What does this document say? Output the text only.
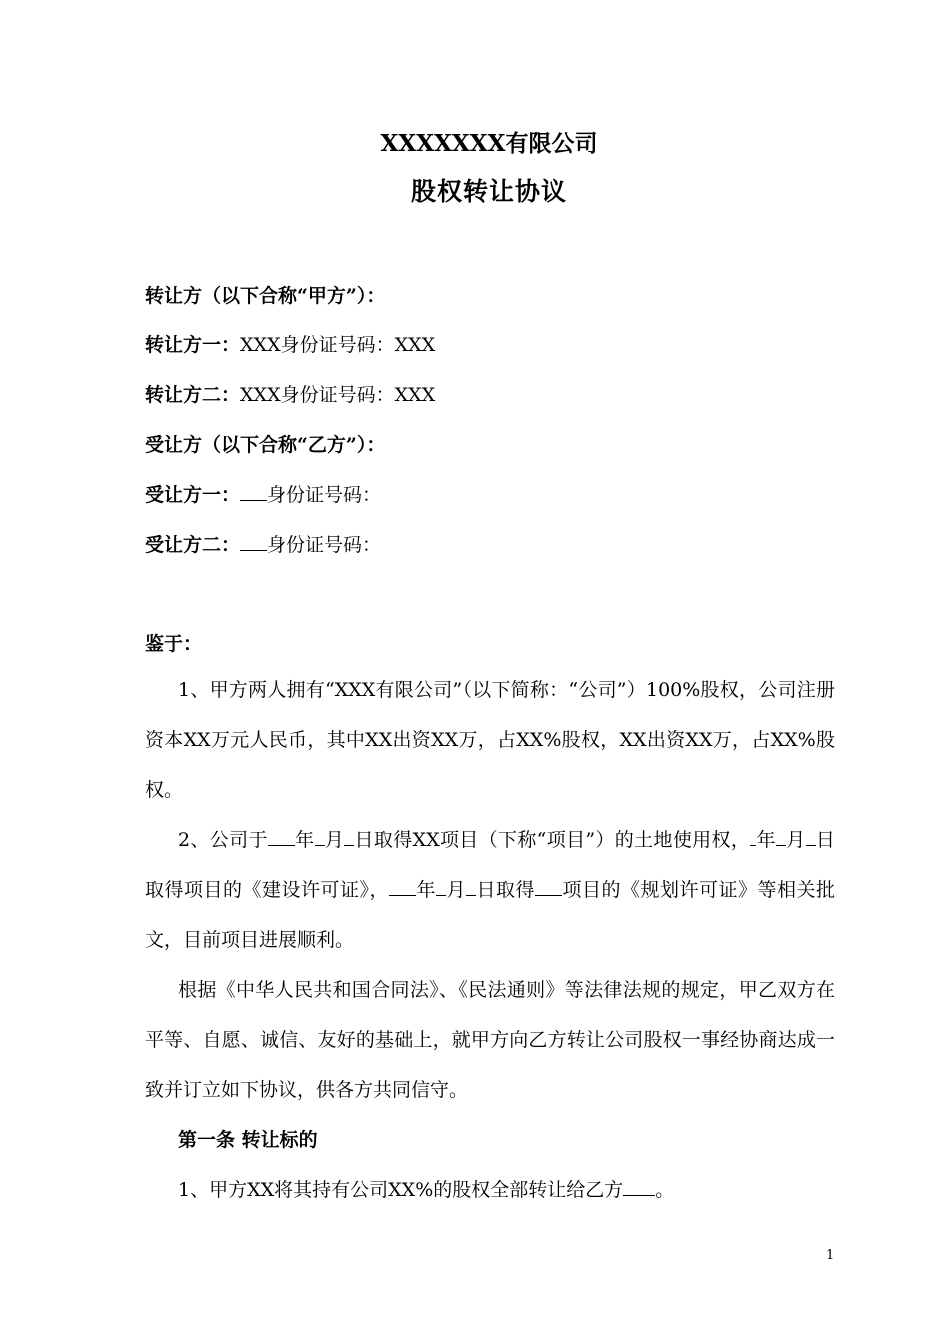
XXXXXXX有限公司
股权转让协议
转让方（以下合称“甲方”）：
转让方一：XXX身份证号码：XXX
转让方二：XXX身份证号码：XXX
受让方（以下合称“乙方”）：
受让方一： 身份证号码：
受让方二： 身份证号码：
鉴于：

1、甲方两人拥有“XXX有限公司”（以下简称：“公司”）100%股权，公司注册资本XX万元人民币，其中XX出资XX万，占XX%股权，XX出资XX万，占XX%股权。

2、公司于 年 月 日取得XX项目（下称“项目”）的土地使用权， 年 月 日取得项目的《建设许可证》， 年 月 日取得 项目的《规划许可证》等相关批文，目前项目进展顺利。

根据《中华人民共和国合同法》、《民法通则》等法律法规的规定，甲乙双方在平等、自愿、诚信、友好的基础上，就甲方向乙方转让公司股权一事经协商达成一致并订立如下协议，供各方共同信守。

第一条 转让标的

1、甲方XX将其持有公司XX%的股权全部转让给乙方 。

1
